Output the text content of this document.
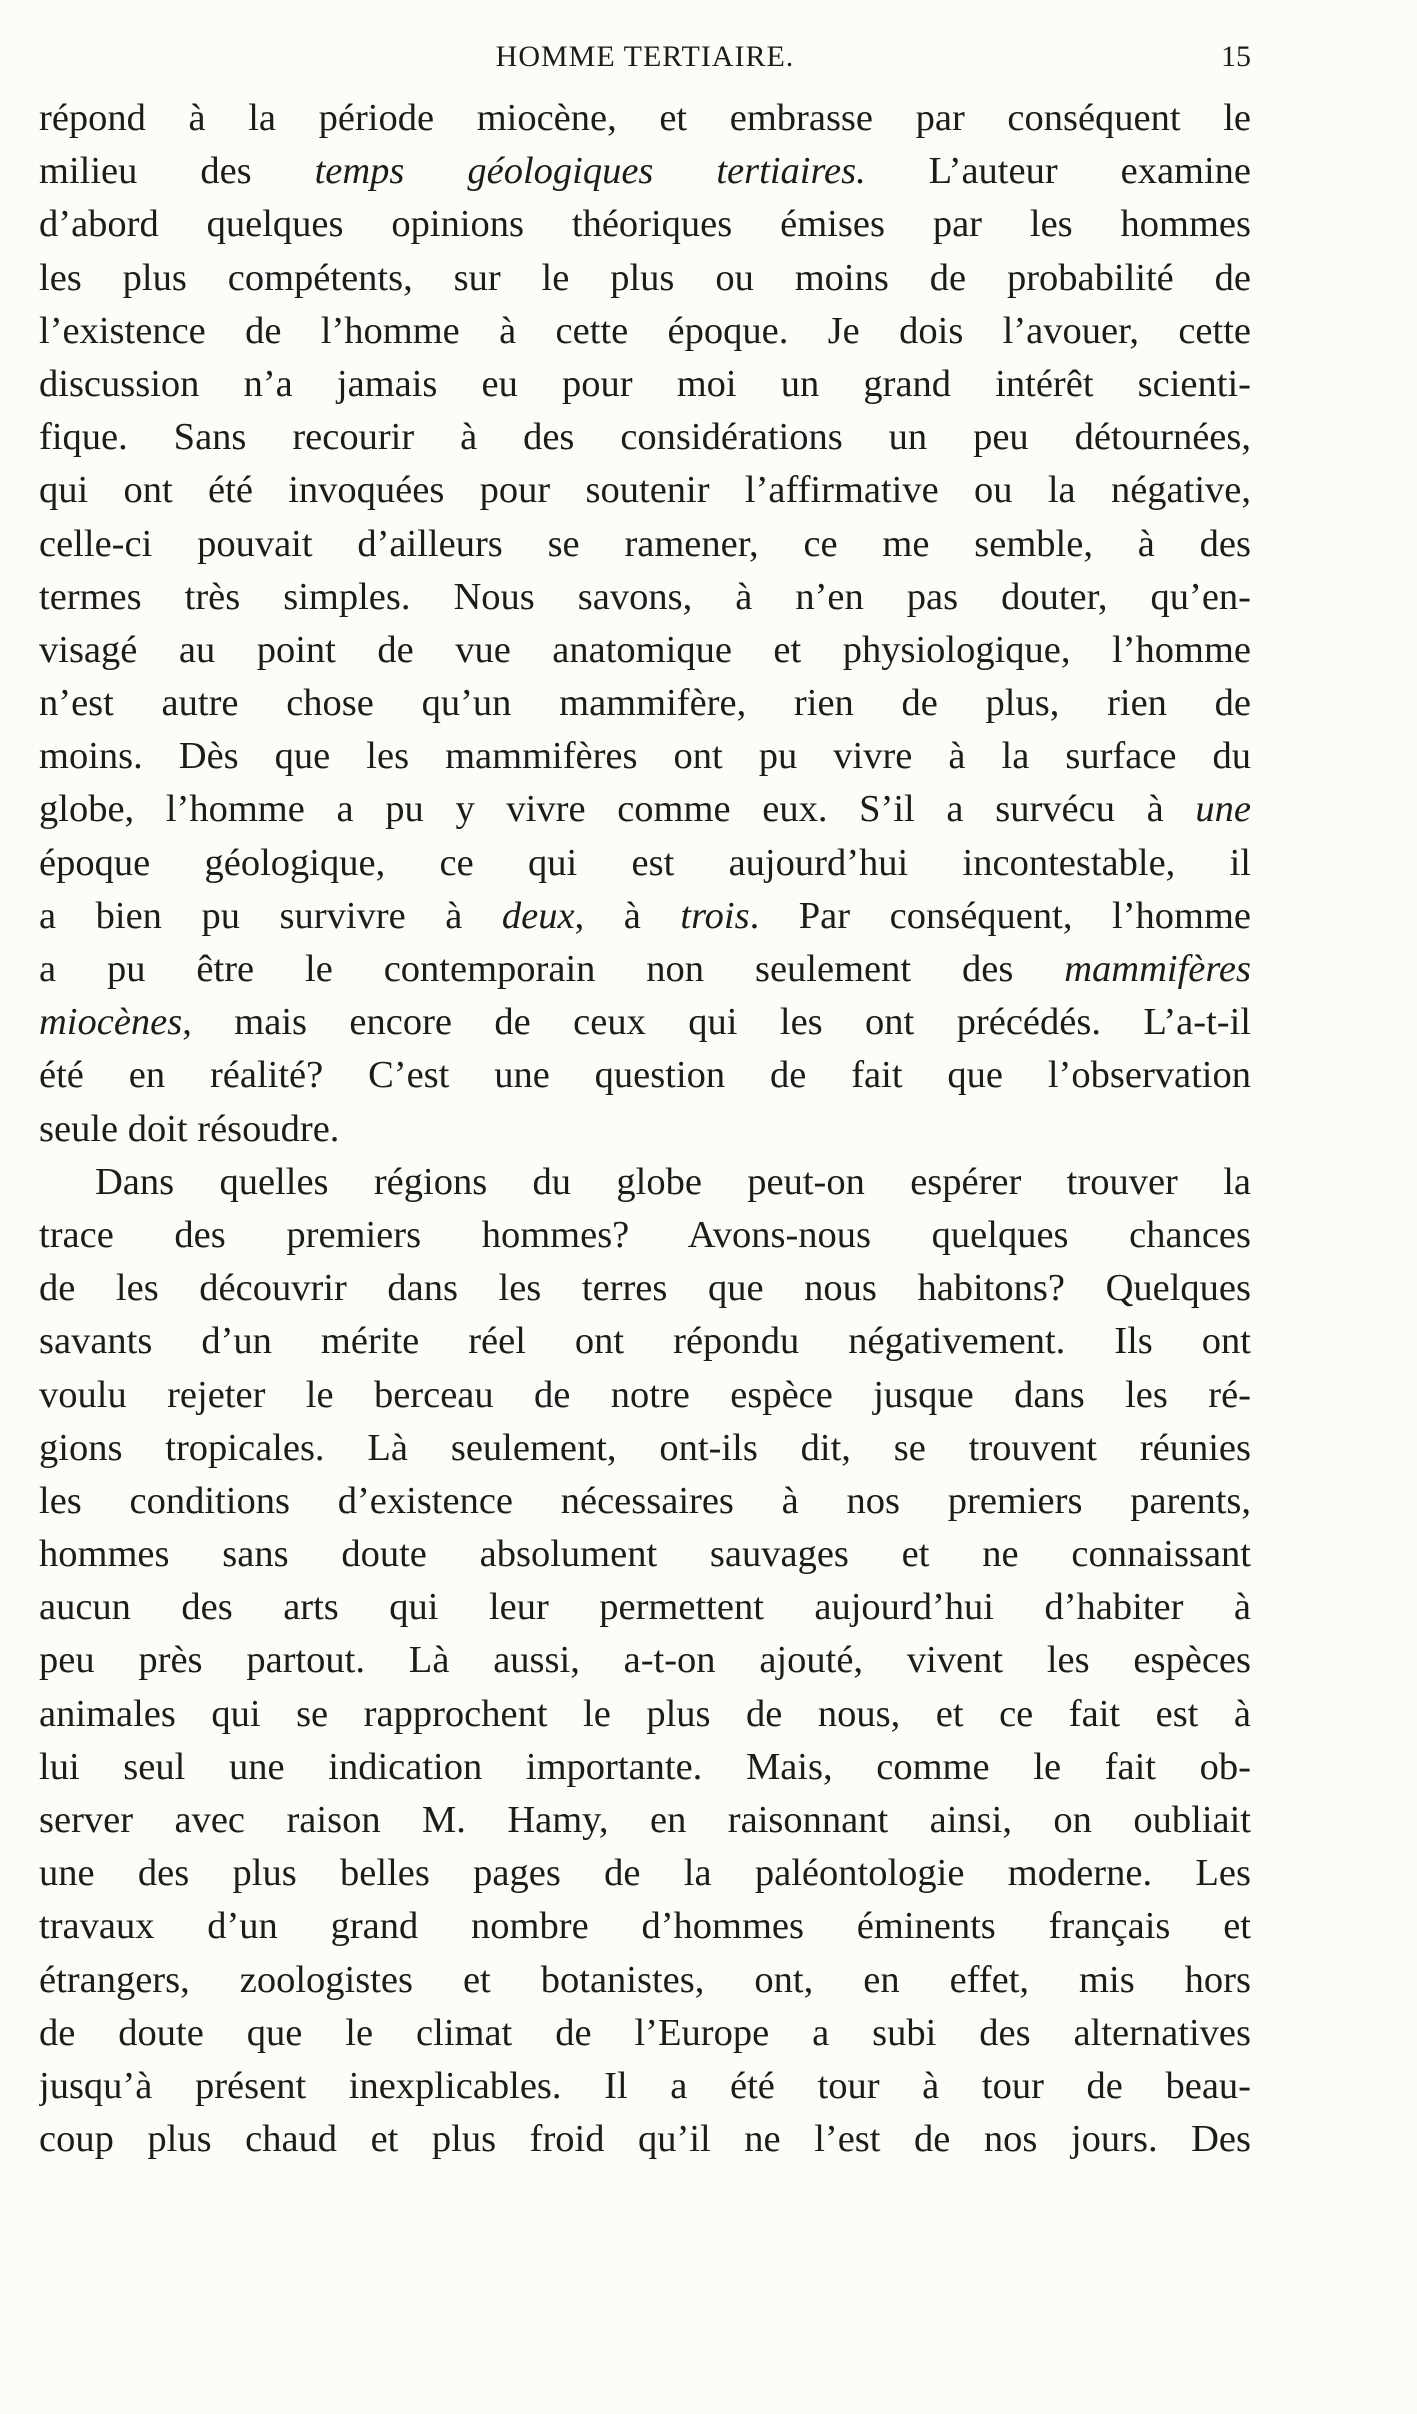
HOMME TERTIAIRE.	15
répond à la période miocène, et embrasse par conséquent le
milieu des temps géologiques tertiaires. L’auteur examine
d’abord quelques opinions théoriques émises par les hommes
les plus compétents, sur le plus ou moins de probabilité de
l’existence de l’homme à cette époque. Je dois l’avouer, cette
discussion n’a jamais eu pour moi un grand intérêt scienti-
fique. Sans recourir à des considérations un peu détournées,
qui ont été invoquées pour soutenir l’affirmative ou la négative,
celle-ci pouvait d’ailleurs se ramener, ce me semble, à des
termes très simples. Nous savons, à n’en pas douter, qu’en-
visagé au point de vue anatomique et physiologique, l’homme
n’est autre chose qu’un mammifère, rien de plus, rien de
moins. Dès que les mammifères ont pu vivre à la surface du
globe, l’homme a pu y vivre comme eux. S’il a survécu à une
époque géologique, ce qui est aujourd’hui incontestable, il
a bien pu survivre à deux, à trois. Par conséquent, l’homme
a pu être le contemporain non seulement des mammifères
miocènes, mais encore de ceux qui les ont précédés. L’a-t-il
été en réalité? C’est une question de fait que l’observation
seule doit résoudre.
Dans quelles régions du globe peut-on espérer trouver la
trace des premiers hommes? Avons-nous quelques chances
de les découvrir dans les terres que nous habitons? Quelques
savants d’un mérite réel ont répondu négativement. Ils ont
voulu rejeter le berceau de notre espèce jusque dans les ré-
gions tropicales. Là seulement, ont-ils dit, se trouvent réunies
les conditions d’existence nécessaires à nos premiers parents,
hommes sans doute absolument sauvages et ne connaissant
aucun des arts qui leur permettent aujourd’hui d’habiter à
peu près partout. Là aussi, a-t-on ajouté, vivent les espèces
animales qui se rapprochent le plus de nous, et ce fait est à
lui seul une indication importante. Mais, comme le fait ob-
server avec raison M. Hamy, en raisonnant ainsi, on oubliait
une des plus belles pages de la paléontologie moderne. Les
travaux d’un grand nombre d’hommes éminents français et
étrangers, zoologistes et botanistes, ont, en effet, mis hors
de doute que le climat de l’Europe a subi des alternatives
jusqu’à présent inexplicables. Il a été tour à tour de beau-
coup plus chaud et plus froid qu’il ne l’est de nos jours. Des
